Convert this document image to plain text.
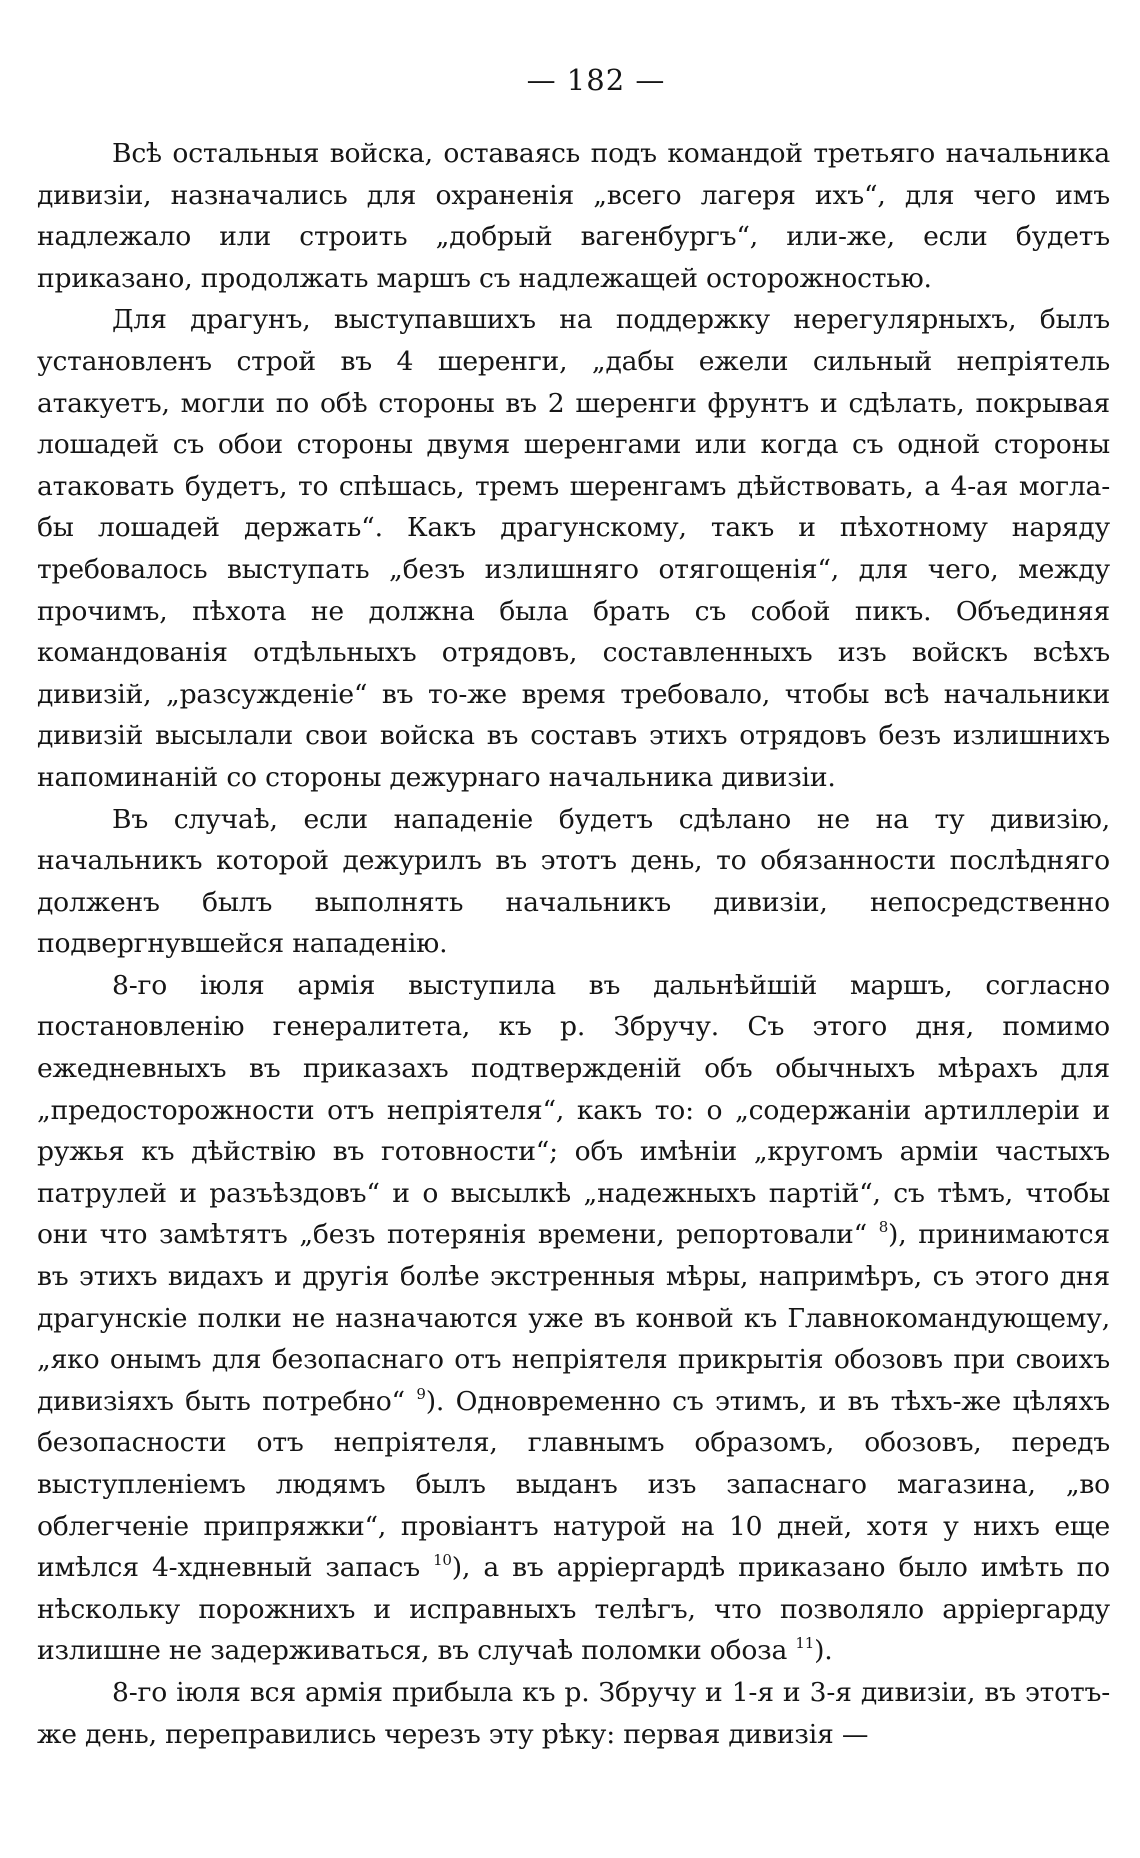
— 182 —

Всѣ остальныя войска, оставаясь подъ командой третьяго начальника дивизіи, назначались для охраненія „всего лагеря ихъ“, для чего имъ надлежало или строить „добрый вагенбургъ“, или-же, если будетъ приказано, продолжать маршъ съ надлежащей осторожностью.

Для драгунъ, выступавшихъ на поддержку нерегулярныхъ, былъ установленъ строй въ 4 шеренги, „дабы ежели сильный непріятель атакуетъ, могли по обѣ стороны въ 2 шеренги фрунтъ и сдѣлать, покрывая лошадей съ обои стороны двумя шеренгами или когда съ одной стороны атаковать будетъ, то спѣшась, тремъ шеренгамъ дѣйствовать, а 4-ая могла-бы лошадей держать“. Какъ драгунскому, такъ и пѣхотному наряду требовалось выступать „безъ излишняго отягощенія“, для чего, между прочимъ, пѣхота не должна была брать съ собой пикъ. Объединяя командованія отдѣльныхъ отрядовъ, составленныхъ изъ войскъ всѣхъ дивизій, „разсужденіе“ въ то-же время требовало, чтобы всѣ начальники дивизій высылали свои войска въ составъ этихъ отрядовъ безъ излишнихъ напоминаній со стороны дежурнаго начальника дивизіи.

Въ случаѣ, если нападеніе будетъ сдѣлано не на ту дивизію, начальникъ которой дежурилъ въ этотъ день, то обязанности послѣдняго долженъ былъ выполнять начальникъ дивизіи, непосредственно подвергнувшейся нападенію.

8-го іюля армія выступила въ дальнѣйшій маршъ, согласно постановленію генералитета, къ р. Збручу. Съ этого дня, помимо ежедневныхъ въ приказахъ подтвержденій объ обычныхъ мѣрахъ для „предосторожности отъ непріятеля“, какъ то: о „содержаніи артиллеріи и ружья къ дѣйствію въ готовности“; объ имѣніи „кругомъ арміи частыхъ патрулей и разъѣздовъ“ и о высылкѣ „надежныхъ партій“, съ тѣмъ, чтобы они что замѣтятъ „безъ потерянія времени, репортовали“ $^8$), принимаются въ этихъ видахъ и другія болѣе экстренныя мѣры, напримѣръ, съ этого дня драгунскіе полки не назначаются уже въ конвой къ Главнокомандующему, „яко онымъ для безопаснаго отъ непріятеля прикрытія обозовъ при своихъ дивизіяхъ быть потребно“ $^9$). Одновременно съ этимъ, и въ тѣхъ-же цѣляхъ безопасности отъ непріятеля, главнымъ образомъ, обозовъ, передъ выступленіемъ людямъ былъ выданъ изъ запаснаго магазина, „во облегченіе припряжки“, провіантъ натурой на 10 дней, хотя у нихъ еще имѣлся 4-хдневный запасъ $^{10}$), а въ арріергардѣ приказано было имѣть по нѣскольку порожнихъ и исправныхъ телѣгъ, что позволяло арріергарду излишне не задерживаться, въ случаѣ поломки обоза $^{11}$).

8-го іюля вся армія прибыла къ р. Збручу и 1-я и 3-я дивизіи, въ этотъ-же день, переправились черезъ эту рѣку: первая дивизія —
